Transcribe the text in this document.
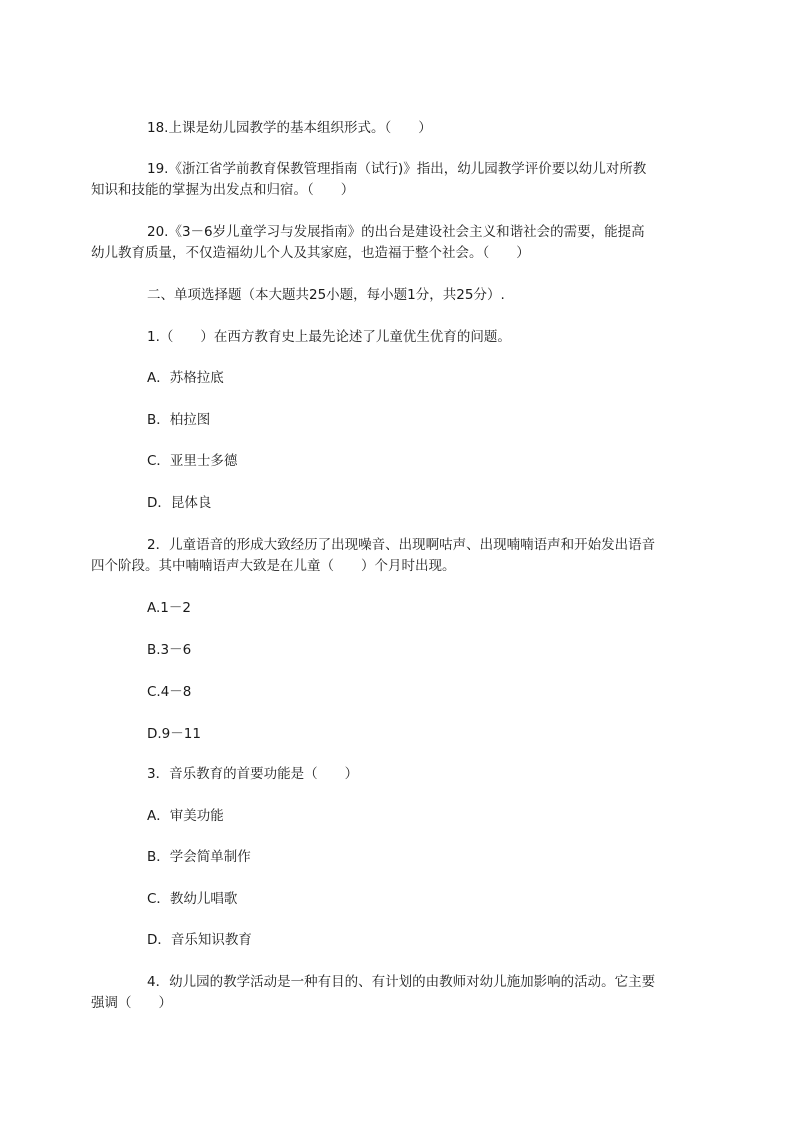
18.上课是幼儿园教学的基本组织形式。（　　）
19.《浙江省学前教育保教管理指南（试行)》指出，幼儿园教学评价要以幼儿对所教
知识和技能的掌握为出发点和归宿。（　　）
20.《3－6岁儿童学习与发展指南》的出台是建设社会主义和谐社会的需要，能提高
幼儿教育质量，不仅造福幼儿个人及其家庭，也造福于整个社会。（　　）
二、单项选择题（本大题共25小题，每小题1分，共25分）.
1.（　　）在西方教育史上最先论述了儿童优生优育的问题。
A．苏格拉底
B．柏拉图
C．亚里士多德
D．昆体良
2．儿童语音的形成大致经历了出现噪音、出现啊咕声、出现喃喃语声和开始发出语音
四个阶段。其中喃喃语声大致是在儿童（　　）个月时出现。
A.1－2
B.3－6
C.4－8
D.9－11
3．音乐教育的首要功能是（　　）
A．审美功能
B．学会简单制作
C．教幼儿唱歌
D．音乐知识教育
4．幼儿园的教学活动是一种有目的、有计划的由教师对幼儿施加影响的活动。它主要
强调（　　）
